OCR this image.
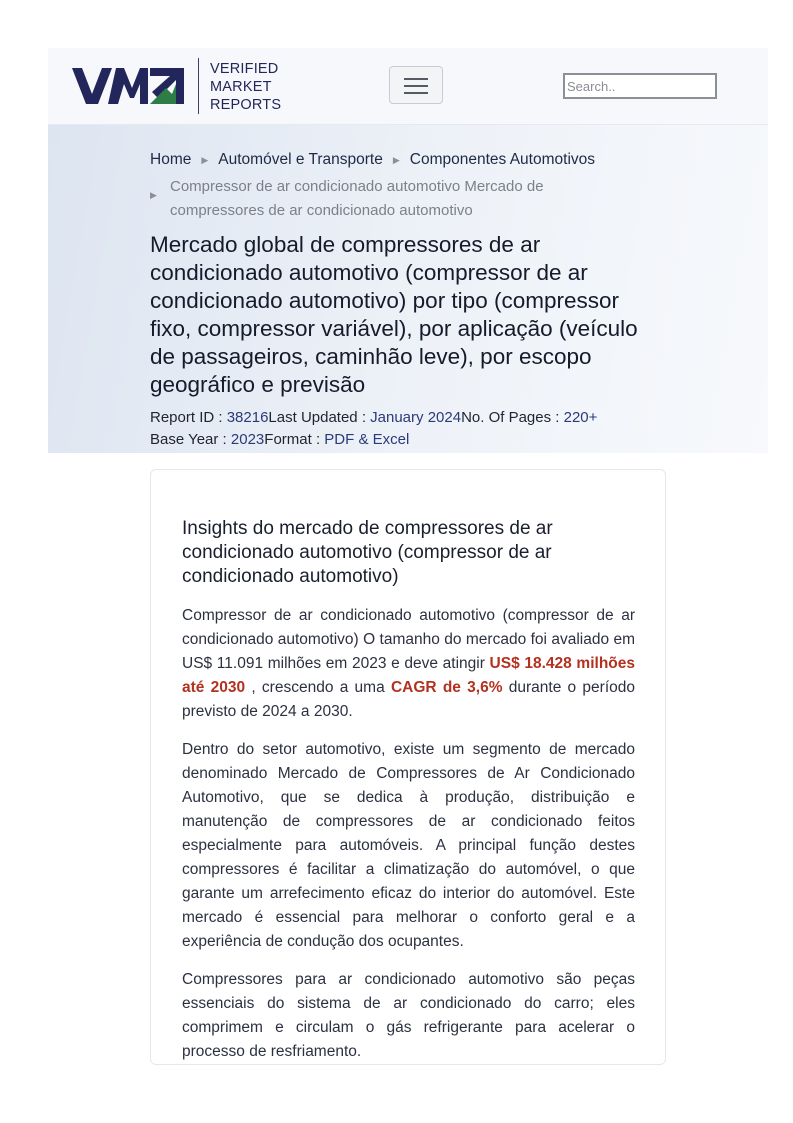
VERIFIED
MARKET
REPORTS
Search..
Home ▶ Automóvel e Transporte ▶ Componentes Automotivos
▶ Compressor de ar condicionado automotivo Mercado de compressores de ar condicionado automotivo
Mercado global de compressores de ar condicionado automotivo (compressor de ar condicionado automotivo) por tipo (compressor fixo, compressor variável), por aplicação (veículo de passageiros, caminhão leve), por escopo geográfico e previsão
Report ID : 38216Last Updated : January 2024No. Of Pages : 220+
Base Year : 2023Format : PDF & Excel
Insights do mercado de compressores de ar condicionado automotivo (compressor de ar condicionado automotivo)

Compressor de ar condicionado automotivo (compressor de ar condicionado automotivo) O tamanho do mercado foi avaliado em US$ 11.091 milhões em 2023 e deve atingir US$ 18.428 milhões até 2030 , crescendo a uma CAGR de 3,6% durante o período previsto de 2024 a 2030.

Dentro do setor automotivo, existe um segmento de mercado denominado Mercado de Compressores de Ar Condicionado Automotivo, que se dedica à produção, distribuição e manutenção de compressores de ar condicionado feitos especialmente para automóveis. A principal função destes compressores é facilitar a climatização do automóvel, o que garante um arrefecimento eficaz do interior do automóvel. Este mercado é essencial para melhorar o conforto geral e a experiência de condução dos ocupantes.

Compressores para ar condicionado automotivo são peças essenciais do sistema de ar condicionado do carro; eles comprimem e circulam o gás refrigerante para acelerar o processo de resfriamento.
